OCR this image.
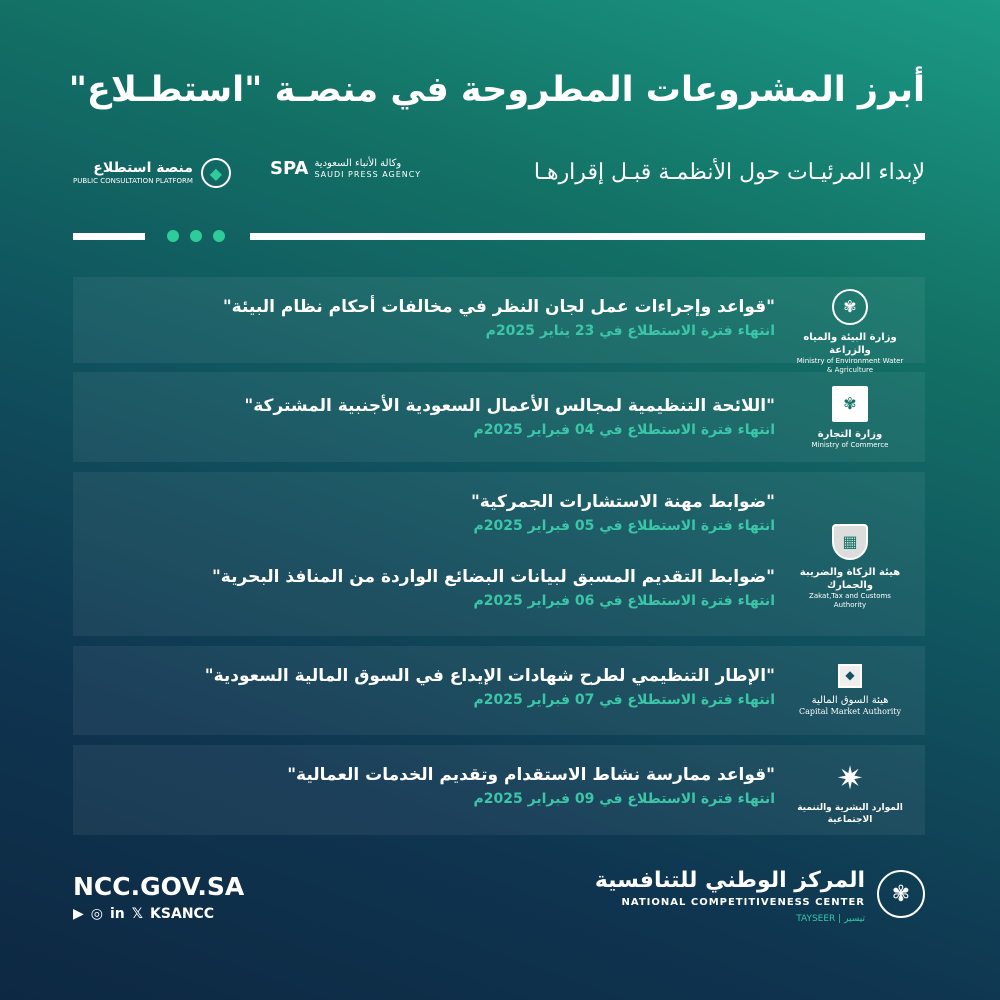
أبرز المشروعات المطروحة في منصـة "استطـلاع"
لإبداء المرئيـات حول الأنظمـة قبـل إقرارهـا
SPA وكالة الأنباء السعودية
SAUDI PRESS AGENCY
منصة استطلاع
PUBLIC CONSULTATION PLATFORM	◆
"قواعد وإجراءات عمل لجان النظر في مخالفات أحكام نظام البيئة"
انتهاء فترة الاستطلاع في 23 يناير 2025م
✾
وزارة البيئة والمياه والزراعة
Ministry of Environment Water & Agriculture
"اللائحة التنظيمية لمجالس الأعمال السعودية الأجنبية المشتركة"
انتهاء فترة الاستطلاع في 04 فبراير 2025م
✾
وزارة التجارة
Ministry of Commerce
"ضوابط مهنة الاستشارات الجمركية"
انتهاء فترة الاستطلاع في 05 فبراير 2025م
"ضوابط التقديم المسبق لبيانات البضائع الواردة من المنافذ البحرية"
انتهاء فترة الاستطلاع في 06 فبراير 2025م
▦
هيئة الزكاة والضريبة والجمارك
Zakat,Tax and Customs Authority
"الإطار التنظيمي لطرح شهادات الإيداع في السوق المالية السعودية"
انتهاء فترة الاستطلاع في 07 فبراير 2025م
◆
هيئة السوق المالية
Capital Market Authority
"قواعد ممارسة نشاط الاستقدام وتقديم الخدمات العمالية"
انتهاء فترة الاستطلاع في 09 فبراير 2025م
✷
الموارد البشرية والتنمية الاجتماعية
NCC.GOV.SA
▶ ◎ in 𝕏 KSANCC
المركز الوطني للتنافسية
NATIONAL COMPETITIVENESS CENTER
TAYSEER | تيسير
✾
